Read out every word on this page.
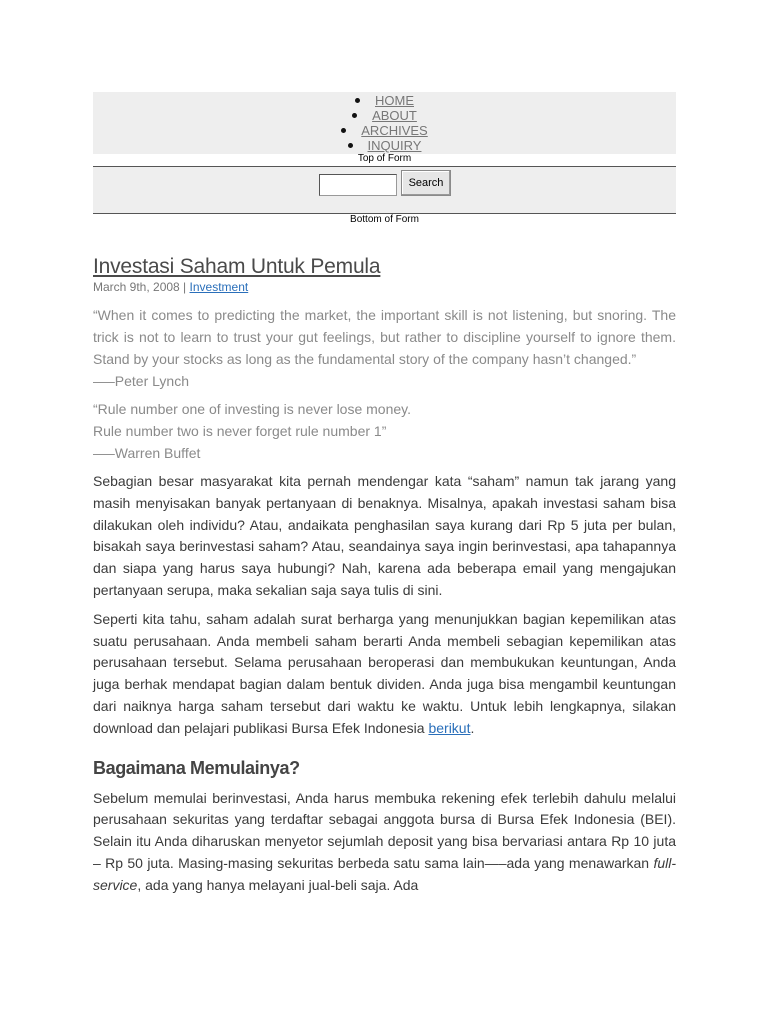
HOME
ABOUT
ARCHIVES
INQUIRY
Top of Form
Search
Bottom of Form
Investasi Saham Untuk Pemula

March 9th, 2008 | Investment

“When it comes to predicting the market, the important skill is not listening, but snoring. The trick is not to learn to trust your gut feelings, but rather to discipline yourself to ignore them. Stand by your stocks as long as the fundamental story of the company hasn’t changed.”
—–Peter Lynch

“Rule number one of investing is never lose money.
Rule number two is never forget rule number 1”
—–Warren Buffet

Sebagian besar masyarakat kita pernah mendengar kata “saham” namun tak jarang yang masih menyisakan banyak pertanyaan di benaknya. Misalnya, apakah investasi saham bisa dilakukan oleh individu? Atau, andaikata penghasilan saya kurang dari Rp 5 juta per bulan, bisakah saya berinvestasi saham? Atau, seandainya saya ingin berinvestasi, apa tahapannya dan siapa yang harus saya hubungi? Nah, karena ada beberapa email yang mengajukan pertanyaan serupa, maka sekalian saja saya tulis di sini.

Seperti kita tahu, saham adalah surat berharga yang menunjukkan bagian kepemilikan atas suatu perusahaan. Anda membeli saham berarti Anda membeli sebagian kepemilikan atas perusahaan tersebut. Selama perusahaan beroperasi dan membukukan keuntungan, Anda juga berhak mendapat bagian dalam bentuk dividen. Anda juga bisa mengambil keuntungan dari naiknya harga saham tersebut dari waktu ke waktu. Untuk lebih lengkapnya, silakan download dan pelajari publikasi Bursa Efek Indonesia berikut.

Bagaimana Memulainya?

Sebelum memulai berinvestasi, Anda harus membuka rekening efek terlebih dahulu melalui perusahaan sekuritas yang terdaftar sebagai anggota bursa di Bursa Efek Indonesia (BEI). Selain itu Anda diharuskan menyetor sejumlah deposit yang bisa bervariasi antara Rp 10 juta – Rp 50 juta. Masing-masing sekuritas berbeda satu sama lain—–ada yang menawarkan full-service, ada yang hanya melayani jual-beli saja. Ada
